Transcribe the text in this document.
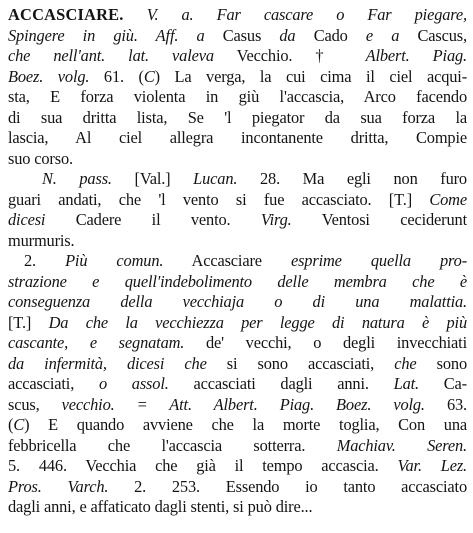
ACCASCIARE. V. a. Far cascare o Far piegare,
Spingere in giù. Aff. a Casus da Cado e a Cascus,
che nell'ant. lat. valeva Vecchio. † Albert. Piag.
Boez. volg. 61. (C) La verga, la cui cima il ciel acqui-
sta, E forza violenta in giù l'accascia, Arco facendo
di sua dritta lista, Se 'l piegator da sua forza la
lascia, Al ciel allegra incontanente dritta, Compie
suo corso.
N. pass. [Val.] Lucan. 28. Ma egli non furo
guari andati, che 'l vento si fue accasciato. [T.] Come
dicesi Cadere il vento. Virg. Ventosi ceciderunt
murmuris.
2. Più comun. Accasciare esprime quella pro-
strazione e quell'indebolimento delle membra che è
conseguenza della vecchiaja o di una malattia.
[T.] Da che la vecchiezza per legge di natura è più
cascante, e segnatam. de' vecchi, o degli invecchiati
da infermità, dicesi che si sono accasciati, che sono
accasciati, o assol. accasciati dagli anni. Lat. Ca-
scus, vecchio. = Att. Albert. Piag. Boez. volg. 63.
(C) E quando avviene che la morte toglia, Con una
febbricella che l'accascia sotterra. Machiav. Seren.
5. 446. Vecchia che già il tempo accascia. Var. Lez.
Pros. Varch. 2. 253. Essendo io tanto accasciato
dagli anni, e affaticato dagli stenti, si può dire...
